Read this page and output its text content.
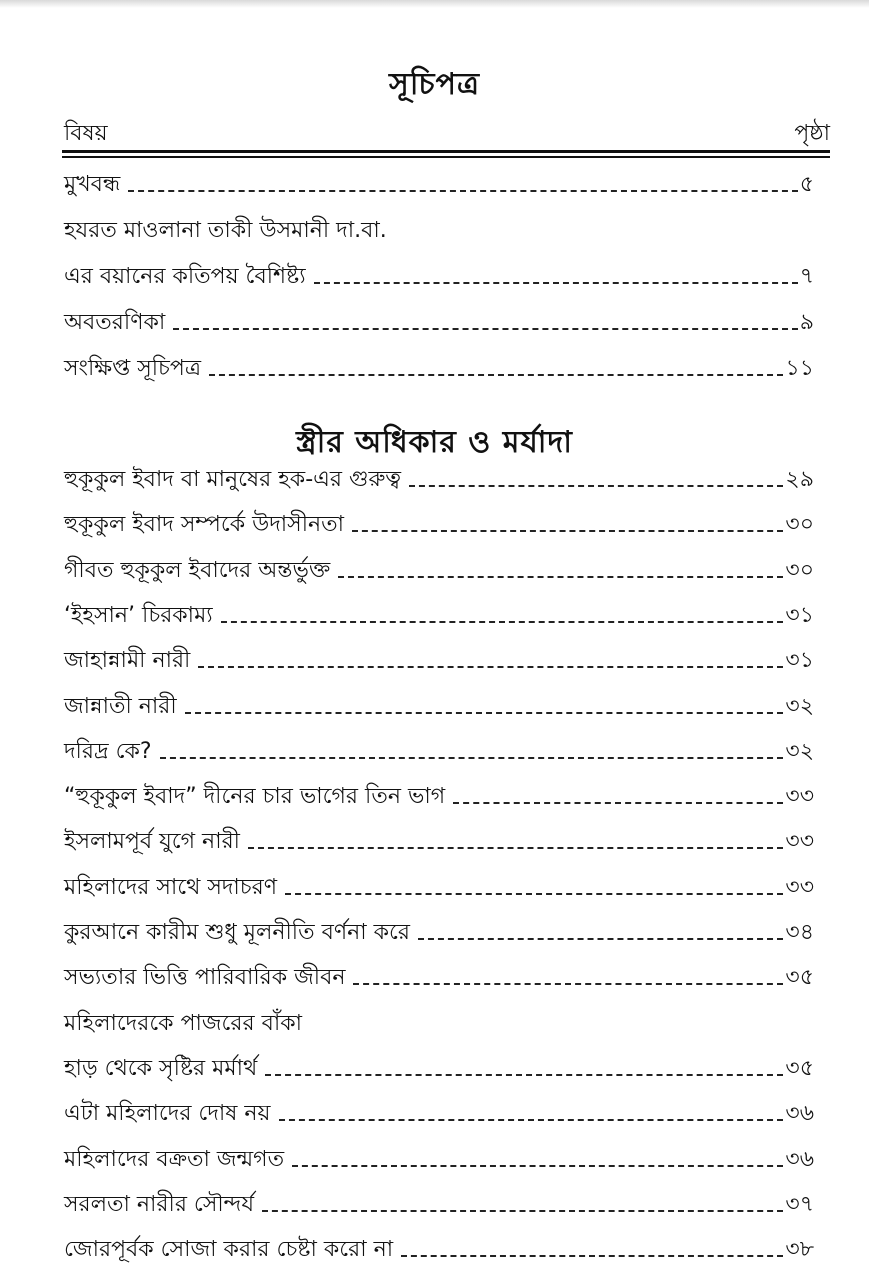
সূচিপত্র
বিষয়	পৃষ্ঠা
মুখবন্ধ	৫
হযরত মাওলানা তাকী উসমানী দা.বা.
এর বয়ানের কতিপয় বৈশিষ্ট্য	৭
অবতরণিকা	৯
সংক্ষিপ্ত সূচিপত্র	১১
স্ত্রীর অধিকার ও মর্যাদা
হুকূকুল ইবাদ বা মানুষের হক-এর গুরুত্ব	২৯
হুকূকুল ইবাদ সম্পর্কে উদাসীনতা	৩০
গীবত হুকূকুল ইবাদের অন্তর্ভুক্ত	৩০
‘ইহসান’ চিরকাম্য	৩১
জাহান্নামী নারী	৩১
জান্নাতী নারী	৩২
দরিদ্র কে?	৩২
“হুকূকুল ইবাদ” দীনের চার ভাগের তিন ভাগ	৩৩
ইসলামপূর্ব যুগে নারী	৩৩
মহিলাদের সাথে সদাচরণ	৩৩
কুরআনে কারীম শুধু মূলনীতি বর্ণনা করে	৩৪
সভ্যতার ভিত্তি পারিবারিক জীবন	৩৫
মহিলাদেরকে পাজরের বাঁকা
হাড় থেকে সৃষ্টির মর্মার্থ	৩৫
এটা মহিলাদের দোষ নয়	৩৬
মহিলাদের বক্রতা জন্মগত	৩৬
সরলতা নারীর সৌন্দর্য	৩৭
জোরপূর্বক সোজা করার চেষ্টা করো না	৩৮
